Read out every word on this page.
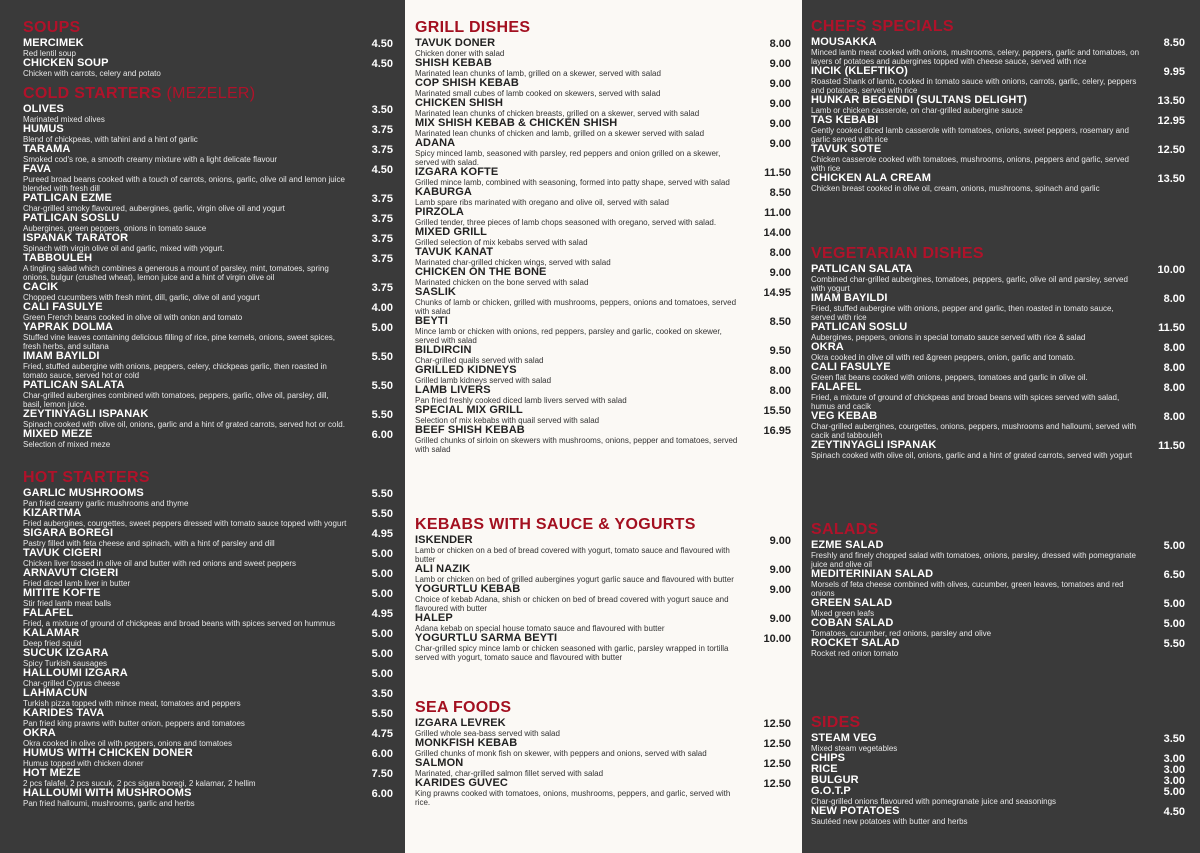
SOUPS
MERCIMEK
Red lentil soup
4.50
CHICKEN SOUP
Chicken with carrots, celery and potato
4.50
COLD STARTERS (MEZELER)
OLIVES
Marinated mixed olives
3.50
HUMUS
Blend of chickpeas, with tahini and a hint of garlic
3.75
TARAMA
Smoked cod's roe, a smooth creamy mixture with a light delicate flavour
3.75
FAVA
Pureed broad beans cooked with a touch of carrots, onions, garlic, olive oil and lemon juice blended with fresh dill
4.50
PATLICAN EZME
Char-grilled smoky flavoured, aubergines, garlic, virgin olive oil and yogurt
3.75
PATLICAN SOSLU
Aubergines, green peppers, onions in tomato sauce
3.75
ISPANAK TARATOR
Spinach with virgin olive oil and garlic, mixed with yogurt.
3.75
TABBOULEH
A tingling salad which combines a generous a mount of parsley, mint, tomatoes, spring onions, bulgur (crushed wheat), lemon juice and a hint of virgin olive oil
3.75
CACIK
Chopped cucumbers with fresh mint, dill, garlic, olive oil and yogurt
3.75
CALI FASULYE
Green French beans cooked in olive oil with onion and tomato
4.00
YAPRAK DOLMA
Stuffed vine leaves containing delicious filling of rice, pine kernels, onions, sweet spices, fresh herbs, and sultana
5.00
IMAM BAYILDI
Fried, stuffed aubergine with onions, peppers, celery, chickpeas garlic, then roasted in tomato sauce, served hot or cold
5.50
PATLICAN SALATA
Char-grilled aubergines combined with tomatoes, peppers, garlic, olive oil, parsley, dill, basil, lemon juice.
5.50
ZEYTINYAGLI ISPANAK
Spinach cooked with olive oil, onions, garlic and a hint of grated carrots, served hot or cold.
5.50
MIXED MEZE
Selection of mixed meze
6.00
HOT STARTERS
GARLIC MUSHROOMS
Pan fried creamy garlic mushrooms and thyme
5.50
KIZARTMA
Fried aubergines, courgettes, sweet peppers dressed with tomato sauce topped with yogurt
5.50
SIGARA BOREGI
Pastry filled with feta cheese and spinach, with a hint of parsley and dill
4.95
TAVUK CIGERI
Chicken liver tossed in olive oil and butter with red onions and sweet peppers
5.00
ARNAVUT CIGERI
Fried diced lamb liver in butter
5.00
MITITE KOFTE
Stir fried lamb meat balls
5.00
FALAFEL
Fried, a mixture of ground of chickpeas and broad beans with spices served on hummus
4.95
KALAMAR
Deep fried squid
5.00
SUCUK IZGARA
Spicy Turkish sausages
5.00
HALLOUMI IZGARA
Char-grilled Cyprus cheese
5.00
LAHMACUN
Turkish pizza topped with mince meat, tomatoes and peppers
3.50
KARIDES TAVA
Pan fried king prawns with butter onion, peppers and tomatoes
5.50
OKRA
Okra cooked in olive oil with peppers, onions and tomatoes
4.75
HUMUS WITH CHICKEN DONER
Humus topped with chicken doner
6.00
HOT MEZE
2 pcs falafel, 2 pcs sucuk, 2 pcs sigara boregi, 2 kalamar, 2 hellim
7.50
HALLOUMI WITH MUSHROOMS
Pan fried halloumi, mushrooms, garlic and herbs
6.00
GRILL DISHES
TAVUK DONER
Chicken doner with salad
8.00
SHISH KEBAB
Marinated lean chunks of lamb, grilled on a skewer, served with salad
9.00
COP SHISH KEBAB
Marinated small cubes of lamb cooked on skewers, served with salad
9.00
CHICKEN SHISH
Marinated lean chunks of chicken breasts, grilled on a skewer, served with salad
9.00
MIX SHISH KEBAB & CHICKEN SHISH
Marinated lean chunks of chicken and lamb, grilled on a skewer served with salad
9.00
ADANA
Spicy minced lamb, seasoned with parsley, red peppers and onion grilled on a skewer, served with salad.
9.00
IZGARA KOFTE
Grilled mince lamb, combined with seasoning, formed into patty shape, served with salad
11.50
KABURGA
Lamb spare ribs marinated with oregano and olive oil, served with salad
8.50
PIRZOLA
Grilled tender, three pieces of lamb chops seasoned with oregano, served with salad.
11.00
MIXED GRILL
Grilled selection of mix kebabs served with salad
14.00
TAVUK KANAT
Marinated char-grilled chicken wings, served with salad
8.00
CHICKEN ON THE BONE
Marinated chicken on the bone served with salad
9.00
SASLIK
Chunks of lamb or chicken, grilled with mushrooms, peppers, onions and tomatoes, served with salad
14.95
BEYTI
Mince lamb or chicken with onions, red peppers, parsley and garlic, cooked on skewer, served with salad
8.50
BILDIRCIN
Char-grilled quails served with salad
9.50
GRILLED KIDNEYS
Grilled lamb kidneys served with salad
8.00
LAMB LIVERS
Pan fried freshly cooked diced lamb livers served with salad
8.00
SPECIAL MIX GRILL
Selection of mix kebabs with quail served with salad
15.50
BEEF SHISH KEBAB
Grilled chunks of sirloin on skewers with mushrooms, onions, pepper and tomatoes, served with salad
16.95
KEBABS WITH SAUCE & YOGURTS
ISKENDER
Lamb or chicken on a bed of bread covered with yogurt, tomato sauce and flavoured with butter
9.00
ALI NAZIK
Lamb or chicken on bed of grilled aubergines yogurt garlic sauce and flavoured with butter
9.00
YOGURTLU KEBAB
Choice of kebab Adana, shish or chicken on bed of bread covered with yogurt sauce and flavoured with butter
9.00
HALEP
Adana kebab on special house tomato sauce and flavoured with butter
9.00
YOGURTLU SARMA BEYTI
Char-grilled spicy mince lamb or chicken seasoned with garlic, parsley wrapped in tortilla served with yogurt, tomato sauce and flavoured with butter
10.00
SEA FOODS
IZGARA LEVREK
Grilled whole sea-bass served with salad
12.50
MONKFISH KEBAB
Grilled chunks of monk fish on skewer, with peppers and onions, served with salad
12.50
SALMON
Marinated, char-grilled salmon fillet served with salad
12.50
KARIDES GUVEC
King prawns cooked with tomatoes, onions, mushrooms, peppers, and garlic, served with rice.
12.50
CHEFS SPECIALS
MOUSAKKA
Minced lamb meat cooked with onions, mushrooms, celery, peppers, garlic and tomatoes, on layers of potatoes and aubergines topped with cheese sauce, served with rice
8.50
INCIK (KLEFTIKO)
Roasted Shank of lamb, cooked in tomato sauce with onions, carrots, garlic, celery, peppers and potatoes, served with rice
9.95
HUNKAR BEGENDI (SULTANS DELIGHT)
Lamb or chicken casserole, on char-grilled aubergine sauce
13.50
TAS KEBABI
Gently cooked diced lamb casserole with tomatoes, onions, sweet peppers, rosemary and garlic served with rice
12.95
TAVUK SOTE
Chicken casserole cooked with tomatoes, mushrooms, onions, peppers and garlic, served with rice
12.50
CHICKEN ALA CREAM
Chicken breast cooked in olive oil, cream, onions, mushrooms, spinach and garlic
13.50
VEGETARIAN DISHES
PATLICAN SALATA
Combined char-grilled aubergines, tomatoes, peppers, garlic, olive oil and parsley, served with yogurt
10.00
IMAM BAYILDI
Fried, stuffed aubergine with onions, pepper and garlic, then roasted in tomato sauce, served with rice
8.00
PATLICAN SOSLU
Aubergines, peppers, onions in special tomato sauce served with rice & salad
11.50
OKRA
Okra cooked in olive oil with red &green peppers, onion, garlic and tomato.
8.00
CALI FASULYE
Green flat beans cooked with onions, peppers, tomatoes and garlic in olive oil.
8.00
FALAFEL
Fried, a mixture of ground of chickpeas and broad beans with spices served with salad, humus and cacik
8.00
VEG KEBAB
Char-grilled aubergines, courgettes, onions, peppers, mushrooms and halloumi, served with cacik and tabbouleh
8.00
ZEYTINYAGLI ISPANAK
Spinach cooked with olive oil, onions, garlic and a hint of grated carrots, served with yogurt
11.50
SALADS
EZME SALAD
Freshly and finely chopped salad with tomatoes, onions, parsley, dressed with pomegranate juice and olive oil
5.00
MEDITERINIAN SALAD
Morsels of feta cheese combined with olives, cucumber, green leaves, tomatoes and red onions
6.50
GREEN SALAD
Mixed green leafs
5.00
COBAN SALAD
Tomatoes, cucumber, red onions, parsley and olive
5.00
ROCKET SALAD
Rocket red onion tomato
5.50
SIDES
STEAM VEG
Mixed steam vegetables
3.50
CHIPS	3.00
RICE	3.00
BULGUR	3.00
G.O.T.P
Char-grilled onions flavoured with pomegranate juice and seasonings
5.00
NEW POTATOES
Sautéed new potatoes with butter and herbs
4.50
